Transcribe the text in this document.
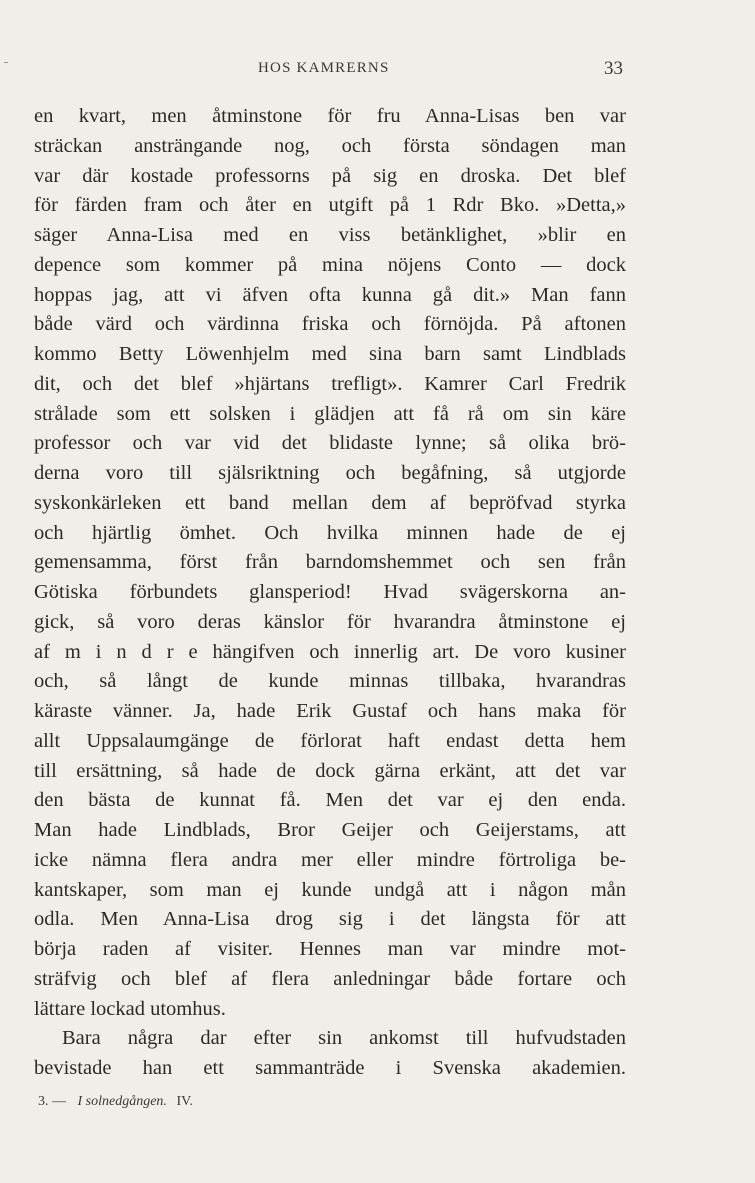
HOS KAMRERNS	33
en kvart, men åtminstone för fru Anna-Lisas ben var
sträckan ansträngande nog, och första söndagen man
var där kostade professorns på sig en droska. Det blef
för färden fram och åter en utgift på 1 Rdr Bko. »Detta,»
säger Anna-Lisa med en viss betänklighet, »blir en
depence som kommer på mina nöjens Conto — dock
hoppas jag, att vi äfven ofta kunna gå dit.» Man fann
både värd och värdinna friska och förnöjda. På aftonen
kommo Betty Löwenhjelm med sina barn samt Lindblads
dit, och det blef »hjärtans trefligt». Kamrer Carl Fredrik
strålade som ett solsken i glädjen att få rå om sin käre
professor och var vid det blidaste lynne; så olika brö-
derna voro till själsriktning och begåfning, så utgjorde
syskonkärleken ett band mellan dem af bepröfvad styrka
och hjärtlig ömhet. Och hvilka minnen hade de ej
gemensamma, först från barndomshemmet och sen från
Götiska förbundets glansperiod! Hvad svägerskorna an-
gick, så voro deras känslor för hvarandra åtminstone ej
af m i n d r e hängifven och innerlig art. De voro kusiner
och, så långt de kunde minnas tillbaka, hvarandras
käraste vänner. Ja, hade Erik Gustaf och hans maka för
allt Uppsalaumgänge de förlorat haft endast detta hem
till ersättning, så hade de dock gärna erkänt, att det var
den bästa de kunnat få. Men det var ej den enda.
Man hade Lindblads, Bror Geijer och Geijerstams, att
icke nämna flera andra mer eller mindre förtroliga be-
kantskaper, som man ej kunde undgå att i någon mån
odla. Men Anna-Lisa drog sig i det längsta för att
börja raden af visiter. Hennes man var mindre mot-
sträfvig och blef af flera anledningar både fortare och
lättare lockad utomhus.
Bara några dar efter sin ankomst till hufvudstaden
bevistade han ett sammanträde i Svenska akademien.
3. — I solnedgången. IV.
